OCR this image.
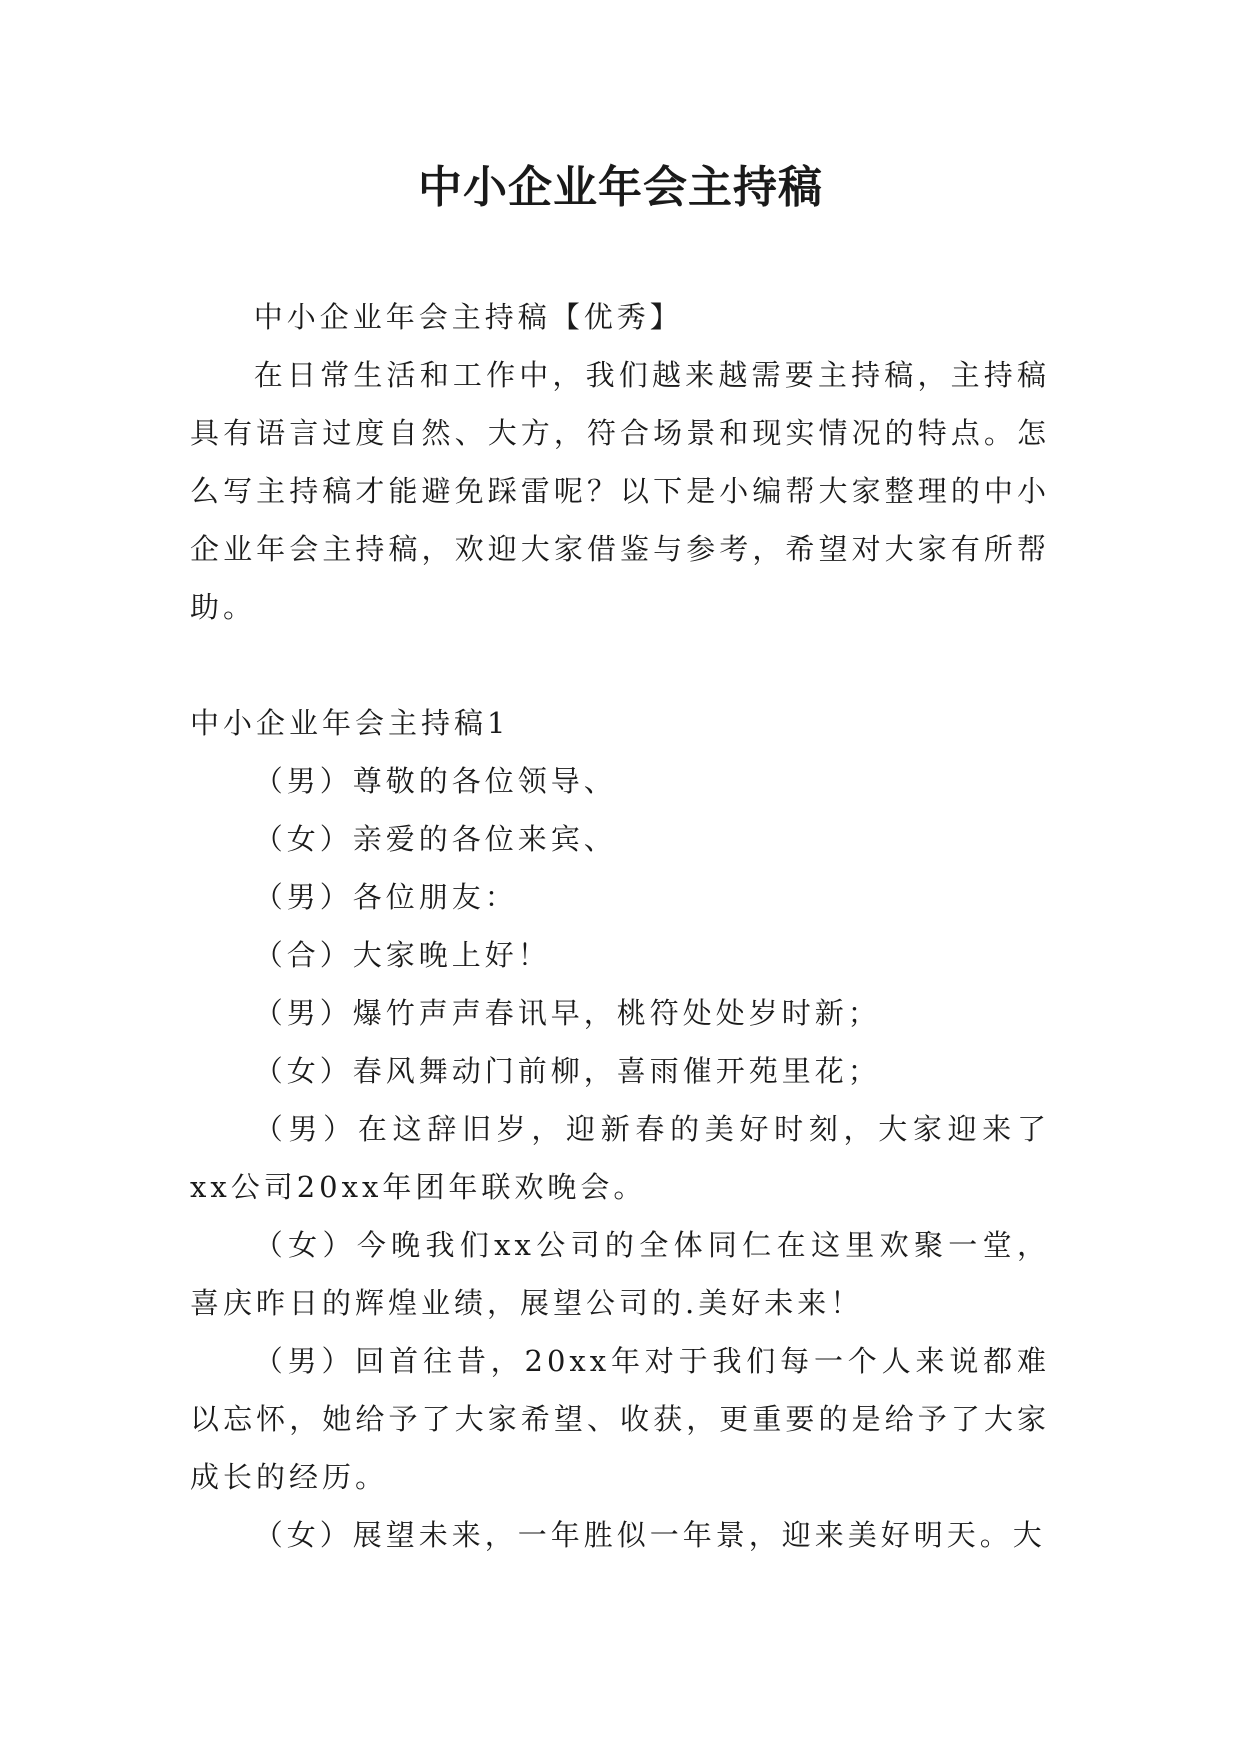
中小企业年会主持稿

中小企业年会主持稿【优秀】

在日常生活和工作中，我们越来越需要主持稿，主持稿具有语言过度自然、大方，符合场景和现实情况的特点。怎么写主持稿才能避免踩雷呢？以下是小编帮大家整理的中小企业年会主持稿，欢迎大家借鉴与参考，希望对大家有所帮助。

中小企业年会主持稿1

（男）尊敬的各位领导、

（女）亲爱的各位来宾、

（男）各位朋友：

（合）大家晚上好！

（男）爆竹声声春讯早，桃符处处岁时新；

（女）春风舞动门前柳，喜雨催开苑里花；

（男）在这辞旧岁，迎新春的美好时刻，大家迎来了xx公司20xx年团年联欢晚会。

（女）今晚我们xx公司的全体同仁在这里欢聚一堂，喜庆昨日的辉煌业绩，展望公司的.美好未来！

（男）回首往昔，20xx年对于我们每一个人来说都难以忘怀，她给予了大家希望、收获，更重要的是给予了大家成长的经历。

（女）展望未来，一年胜似一年景，迎来美好明天。大
